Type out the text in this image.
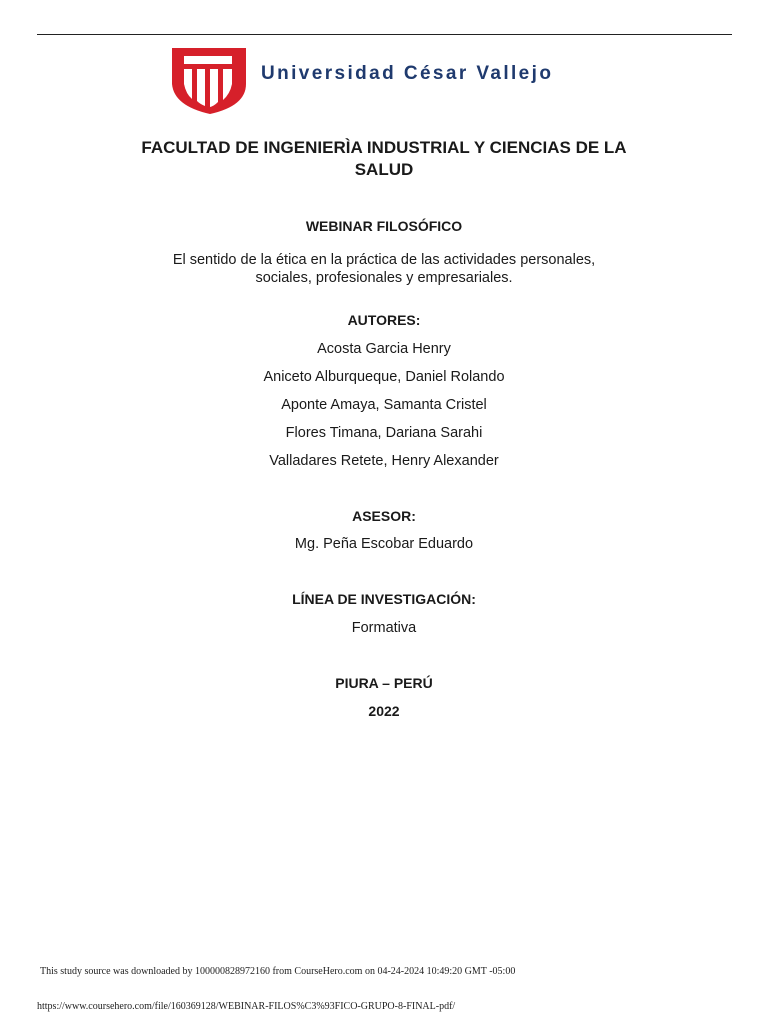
Universidad César Vallejo
FACULTAD DE INGENIERÌA INDUSTRIAL Y CIENCIAS DE LA
SALUD
WEBINAR FILOSÓFICO
El sentido de la ética en la práctica de las actividades personales,
sociales, profesionales y empresariales.
AUTORES:
Acosta Garcia Henry
Aniceto Alburqueque, Daniel Rolando
Aponte Amaya, Samanta Cristel
Flores Timana, Dariana Sarahi
Valladares Retete, Henry Alexander
ASESOR:
Mg. Peña Escobar Eduardo
LÍNEA DE INVESTIGACIÓN:
Formativa
PIURA – PERÚ
2022
This study source was downloaded by 100000828972160 from CourseHero.com on 04-24-2024 10:49:20 GMT -05:00
https://www.coursehero.com/file/160369128/WEBINAR-FILOS%C3%93FICO-GRUPO-8-FINAL-pdf/
